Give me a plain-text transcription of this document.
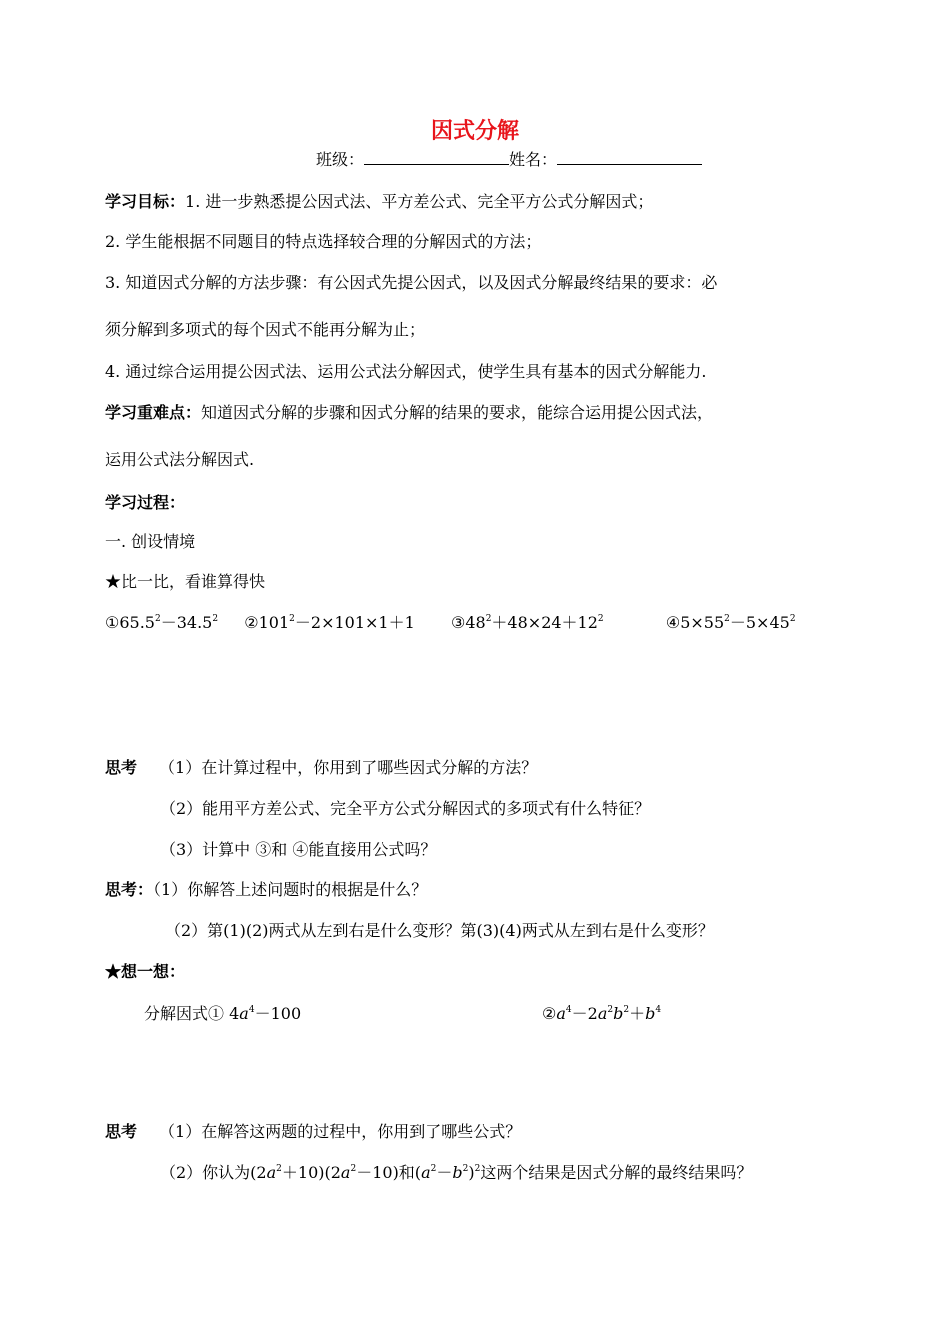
因式分解
班级：	姓名：
学习目标：1. 进一步熟悉提公因式法、平方差公式、完全平方公式分解因式；
2. 学生能根据不同题目的特点选择较合理的分解因式的方法；
3. 知道因式分解的方法步骤：有公因式先提公因式，以及因式分解最终结果的要求：必
须分解到多项式的每个因式不能再分解为止；
4. 通过综合运用提公因式法、运用公式法分解因式，使学生具有基本的因式分解能力.
学习重难点：知道因式分解的步骤和因式分解的结果的要求，能综合运用提公因式法，
运用公式法分解因式.
学习过程：
一. 创设情境
★比一比，看谁算得快
$①65.5^2-34.5^2$ $②101^2-2\times 101\times 1+1$ $③48^2+48\times 24+12^2$	$④5\times 55^2-5\times 45^2$
思考 （1）在计算过程中，你用到了哪些因式分解的方法？
（2）能用平方差公式、完全平方公式分解因式的多项式有什么特征？
（3）计算中 ③和 ④能直接用公式吗？
思考：（1）你解答上述问题时的根据是什么？
（2）第(1)(2)两式从左到右是什么变形？第(3)(4)两式从左到右是什么变形？
★想一想：
分解因式① $4a^4-100$	$②a^4-2a^2b^2+b^4$
思考 （1）在解答这两题的过程中，你用到了哪些公式？
（2）你认为$(2a^2+10)(2a^2-10)$和$(a^2-b^2)^2$这两个结果是因式分解的最终结果吗？
